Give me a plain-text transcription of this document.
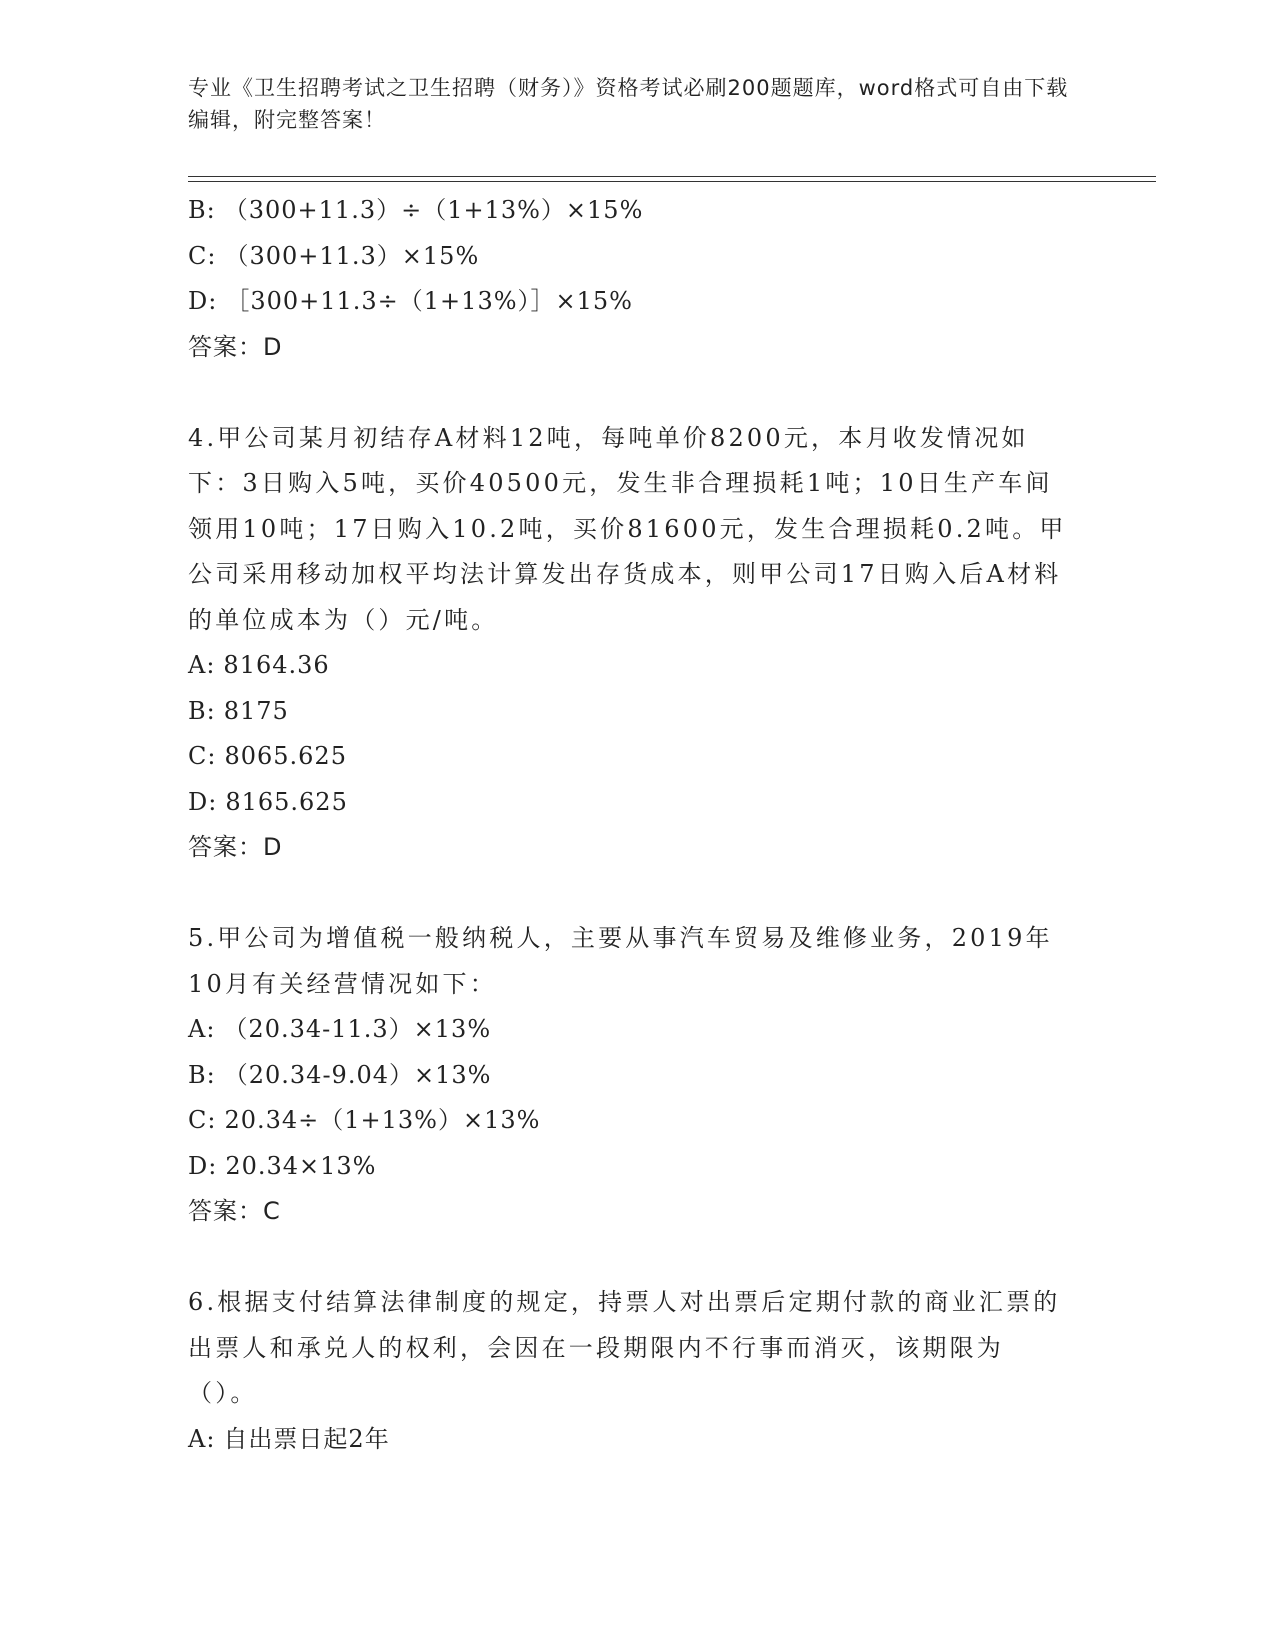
专业《卫生招聘考试之卫生招聘（财务）》资格考试必刷200题题库，word格式可自由下载编辑，附完整答案！
B: （300+11.3）÷（1+13%）×15%
C: （300+11.3）×15%
D: ［300+11.3÷（1+13%）］×15%
答案：D
4.甲公司某月初结存A材料12吨，每吨单价8200元，本月收发情况如下：3日购入5吨，买价40500元，发生非合理损耗1吨；10日生产车间领用10吨；17日购入10.2吨，买价81600元，发生合理损耗0.2吨。甲公司采用移动加权平均法计算发出存货成本，则甲公司17日购入后A材料的单位成本为（）元/吨。
A: 8164.36
B: 8175
C: 8065.625
D: 8165.625
答案：D
5.甲公司为增值税一般纳税人，主要从事汽车贸易及维修业务，2019年10月有关经营情况如下：
A: （20.34-11.3）×13%
B: （20.34-9.04）×13%
C: 20.34÷（1+13%）×13%
D: 20.34×13%
答案：C
6.根据支付结算法律制度的规定，持票人对出票后定期付款的商业汇票的出票人和承兑人的权利，会因在一段期限内不行事而消灭，该期限为（）。
A: 自出票日起2年
